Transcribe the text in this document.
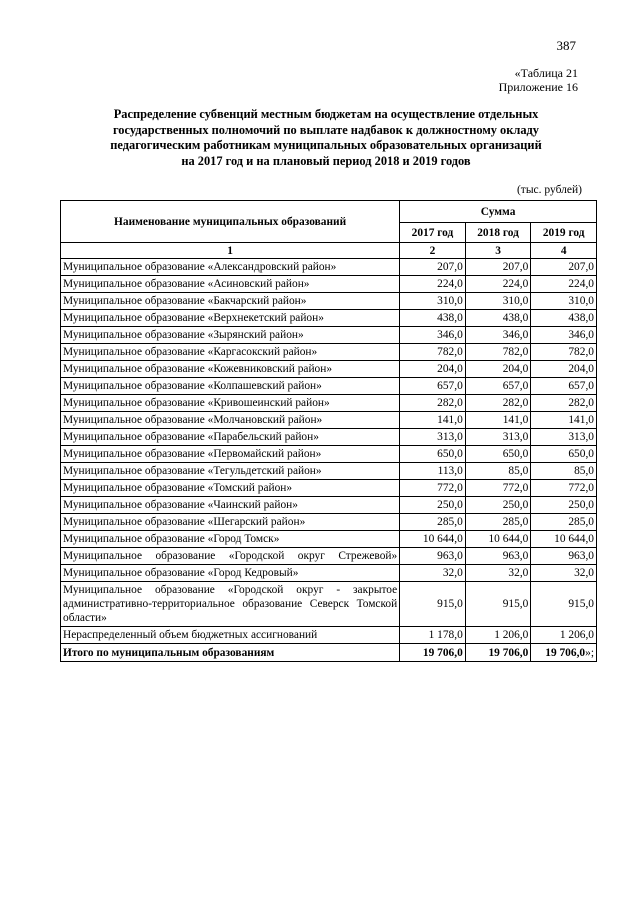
387
«Таблица 21
Приложение 16
Распределение субвенций местным бюджетам на осуществление отдельных
государственных полномочий по выплате надбавок к должностному окладу
педагогическим работникам муниципальных образовательных организаций
на 2017 год и на плановый период 2018 и 2019 годов
(тыс. рублей)
Наименование муниципальных образований	Сумма		
	2017 год	2018 год	2019 год
1	2	3	4
Муниципальное образование «Александровский район»	207,0	207,0	207,0
Муниципальное образование «Асиновский район»	224,0	224,0	224,0
Муниципальное образование «Бакчарский район»	310,0	310,0	310,0
Муниципальное образование «Верхнекетский район»	438,0	438,0	438,0
Муниципальное образование «Зырянский район»	346,0	346,0	346,0
Муниципальное образование «Каргасокский район»	782,0	782,0	782,0
Муниципальное образование «Кожевниковский район»	204,0	204,0	204,0
Муниципальное образование «Колпашевский район»	657,0	657,0	657,0
Муниципальное образование «Кривошеинский район»	282,0	282,0	282,0
Муниципальное образование «Молчановский район»	141,0	141,0	141,0
Муниципальное образование «Парабельский район»	313,0	313,0	313,0
Муниципальное образование «Первомайский район»	650,0	650,0	650,0
Муниципальное образование «Тегульдетский район»	113,0	85,0	85,0
Муниципальное образование «Томский район»	772,0	772,0	772,0
Муниципальное образование «Чаинский район»	250,0	250,0	250,0
Муниципальное образование «Шегарский район»	285,0	285,0	285,0
Муниципальное образование «Город Томск»	10 644,0	10 644,0	10 644,0
Муниципальное образование «Городской округ Стрежевой»	963,0	963,0	963,0
Муниципальное образование «Город Кедровый»	32,0	32,0	32,0
Муниципальное образование «Городской округ - закрытое административно-территориальное образование Северск Томской области»	915,0	915,0	915,0
Нераспределенный объем бюджетных ассигнований	1 178,0	1 206,0	1 206,0
Итого по муниципальным образованиям	19 706,0	19 706,0	19 706,0»;
